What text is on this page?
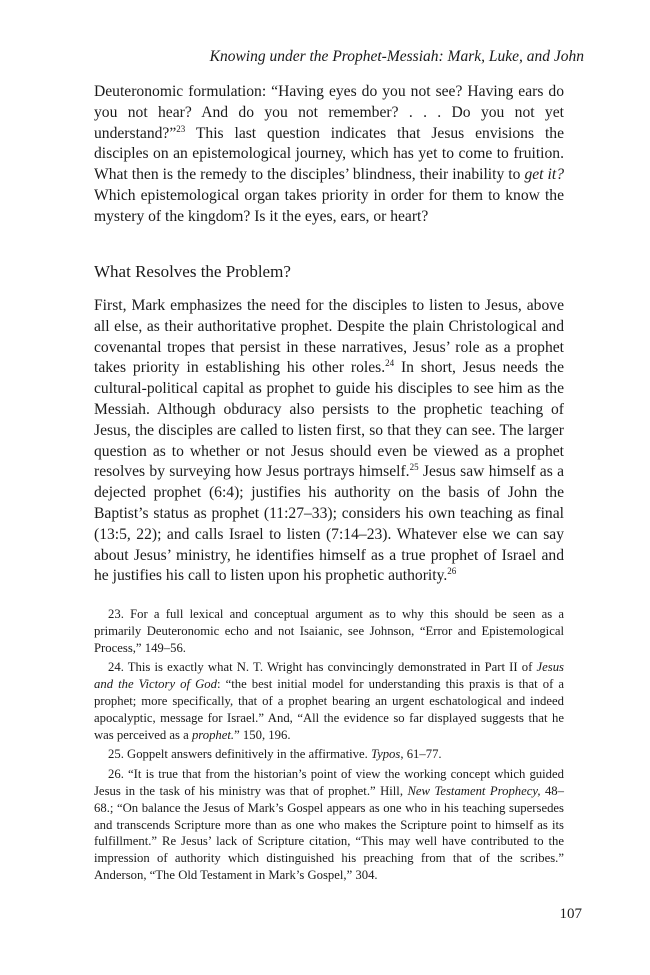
Knowing under the Prophet-Messiah: Mark, Luke, and John

Deuteronomic formulation: “Having eyes do you not see? Having ears do you not hear? And do you not remember? . . . Do you not yet understand?”$^{23}$ This last question indicates that Jesus envisions the disciples on an epistemological journey, which has yet to come to fruition. What then is the remedy to the disciples’ blindness, their inability to get it? Which epistemological organ takes priority in order for them to know the mystery of the kingdom? Is it the eyes, ears, or heart?

What Resolves the Problem?

First, Mark emphasizes the need for the disciples to listen to Jesus, above all else, as their authoritative prophet. Despite the plain Christological and covenantal tropes that persist in these narratives, Jesus’ role as a prophet takes priority in establishing his other roles.$^{24}$ In short, Jesus needs the cultural-political capital as prophet to guide his disciples to see him as the Messiah. Although obduracy also persists to the prophetic teaching of Jesus, the disciples are called to listen first, so that they can see. The larger question as to whether or not Jesus should even be viewed as a prophet resolves by surveying how Jesus portrays himself.$^{25}$ Jesus saw himself as a dejected prophet (6:4); justifies his authority on the basis of John the Baptist’s status as prophet (11:27–33); considers his own teaching as final (13:5, 22); and calls Israel to listen (7:14–23). Whatever else we can say about Jesus’ ministry, he identifies himself as a true prophet of Israel and he justifies his call to listen upon his prophetic authority.$^{26}$

23. For a full lexical and conceptual argument as to why this should be seen as a primarily Deuteronomic echo and not Isaianic, see Johnson, “Error and Epistemological Process,” 149–56.

24. This is exactly what N. T. Wright has convincingly demonstrated in Part II of Jesus and the Victory of God: “the best initial model for understanding this praxis is that of a prophet; more specifically, that of a prophet bearing an urgent eschatological and indeed apocalyptic, message for Israel.” And, “All the evidence so far displayed suggests that he was perceived as a prophet.” 150, 196.

25. Goppelt answers definitively in the affirmative. Typos, 61–77.

26. “It is true that from the historian’s point of view the working concept which guided Jesus in the task of his ministry was that of prophet.” Hill, New Testament Prophecy, 48–68.; “On balance the Jesus of Mark’s Gospel appears as one who in his teaching supersedes and transcends Scripture more than as one who makes the Scripture point to himself as its fulfillment.” Re Jesus’ lack of Scripture citation, “This may well have contributed to the impression of authority which distinguished his preaching from that of the scribes.” Anderson, “The Old Testament in Mark’s Gospel,” 304.

107
